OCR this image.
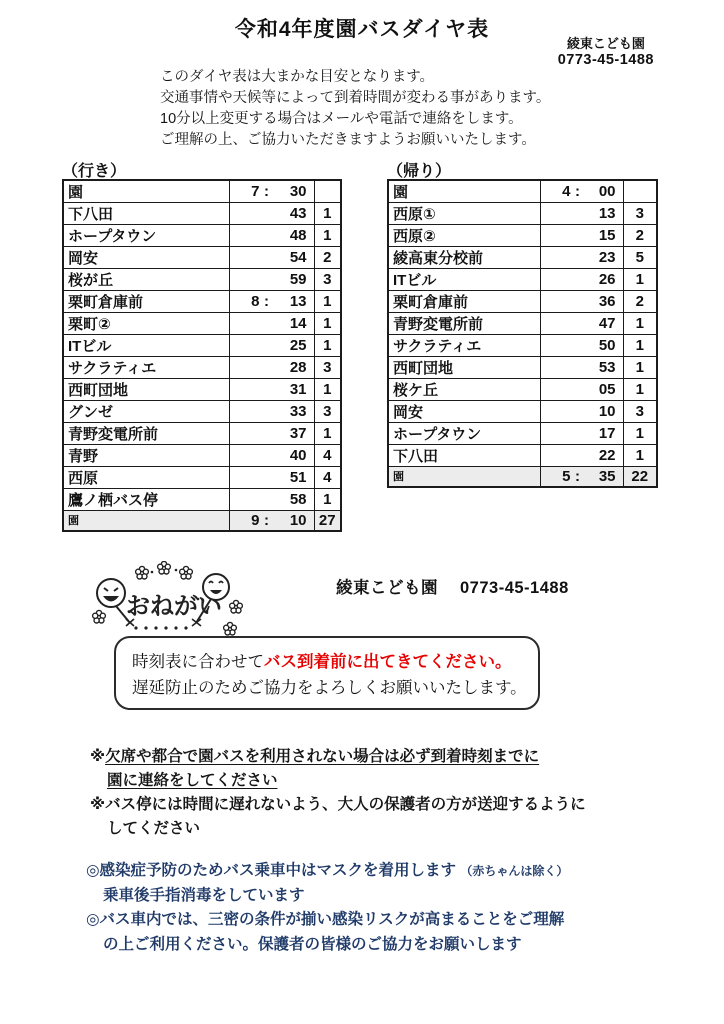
令和4年度園バスダイヤ表
綾東こども園
0773-45-1488
このダイヤ表は大まかな目安となります。
交通事情や天候等によって到着時間が変わる事があります。
10分以上変更する場合はメールや電話で連絡をします。
ご理解の上、ご協力いただきますようお願いいたします。
（行き）	（帰り）
園	7 : 30	

下八田	43	1
ホープタウン	48	1
岡安	54	2
桜が丘	59	3
栗町倉庫前	8 : 13	1
栗町②	14	1
ITビル	25	1
サクラティエ	28	3
西町団地	31	1
グンゼ	33	3
青野変電所前	37	1
青野	40	4
西原	51	4
鷹ノ栖バス停	58	1
園	9 : 10	27
園	4 : 00	

西原①	13	3
西原②	15	2
綾高東分校前	23	5
ITビル	26	1
栗町倉庫前	36	2
青野変電所前	47	1
サクラティエ	50	1
西町団地	53	1
桜ケ丘	05	1
岡安	10	3
ホープタウン	17	1
下八田	22	1
園	5 : 35	22
おねがい
綾東こども園 0773-45-1488
時刻表に合わせてバス到着前に出てきてください。
遅延防止のためご協力をよろしくお願いいたします。
※欠席や都合で園バスを利用されない場合は必ず到着時刻までに
園に連絡をしてください
※バス停には時間に遅れないよう、大人の保護者の方が送迎するように
してください
◎感染症予防のためバス乗車中はマスクを着用します （赤ちゃんは除く）
乗車後手指消毒をしています
◎バス車内では、三密の条件が揃い感染リスクが高まることをご理解
の上ご利用ください。保護者の皆様のご協力をお願いします
